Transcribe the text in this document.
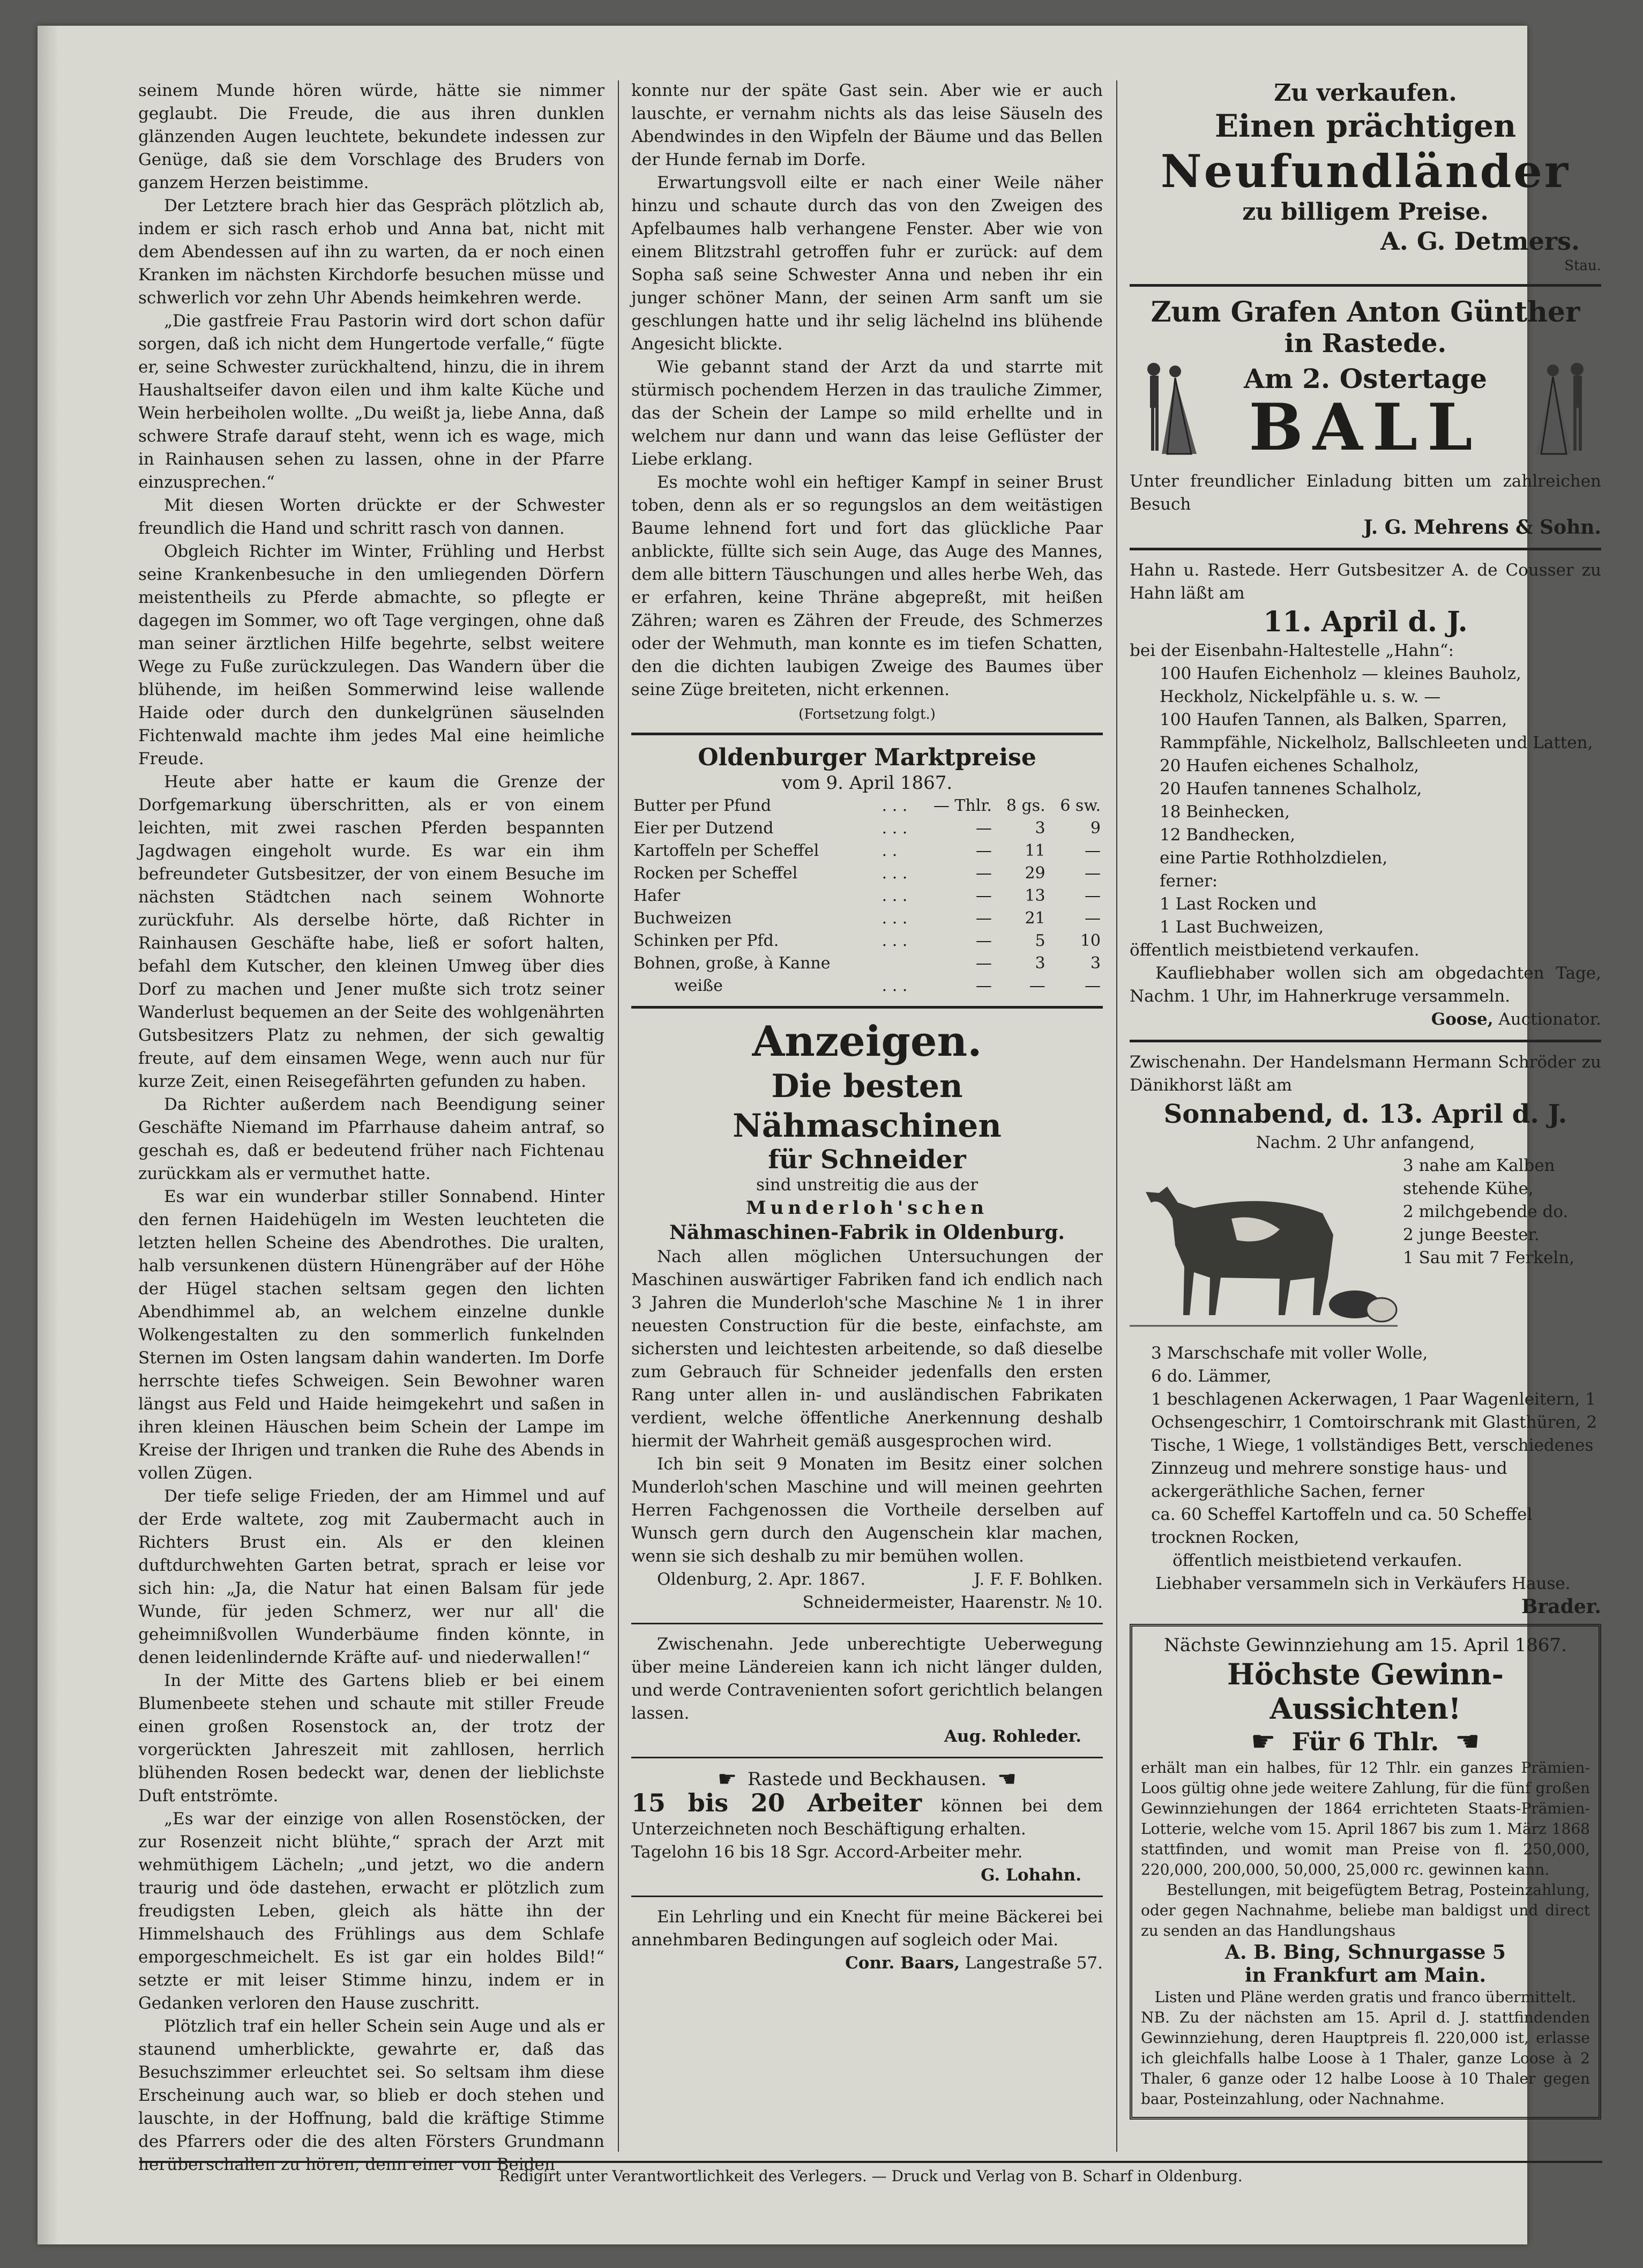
seinem Munde hören würde, hätte sie nimmer geglaubt. Die Freude, die aus ihren dunklen glänzenden Augen leuchtete, bekundete indessen zur Genüge, daß sie dem Vorschlage des Bruders von ganzem Herzen beistimme.

Der Letztere brach hier das Gespräch plötzlich ab, indem er sich rasch erhob und Anna bat, nicht mit dem Abendessen auf ihn zu warten, da er noch einen Kranken im nächsten Kirchdorfe besuchen müsse und schwerlich vor zehn Uhr Abends heimkehren werde.

„Die gastfreie Frau Pastorin wird dort schon dafür sorgen, daß ich nicht dem Hungertode verfalle,“ fügte er, seine Schwester zurückhaltend, hinzu, die in ihrem Haushaltseifer davon eilen und ihm kalte Küche und Wein herbeiholen wollte. „Du weißt ja, liebe Anna, daß schwere Strafe darauf steht, wenn ich es wage, mich in Rainhausen sehen zu lassen, ohne in der Pfarre einzusprechen.“

Mit diesen Worten drückte er der Schwester freundlich die Hand und schritt rasch von dannen.

Obgleich Richter im Winter, Frühling und Herbst seine Krankenbesuche in den umliegenden Dörfern meistentheils zu Pferde abmachte, so pflegte er dagegen im Sommer, wo oft Tage vergingen, ohne daß man seiner ärztlichen Hilfe begehrte, selbst weitere Wege zu Fuße zurückzulegen. Das Wandern über die blühende, im heißen Sommerwind leise wallende Haide oder durch den dunkelgrünen säuselnden Fichtenwald machte ihm jedes Mal eine heimliche Freude.

Heute aber hatte er kaum die Grenze der Dorfgemarkung überschritten, als er von einem leichten, mit zwei raschen Pferden bespannten Jagdwagen eingeholt wurde. Es war ein ihm befreundeter Gutsbesitzer, der von einem Besuche im nächsten Städtchen nach seinem Wohnorte zurückfuhr. Als derselbe hörte, daß Richter in Rainhausen Geschäfte habe, ließ er sofort halten, befahl dem Kutscher, den kleinen Umweg über dies Dorf zu machen und Jener mußte sich trotz seiner Wanderlust bequemen an der Seite des wohlgenährten Gutsbesitzers Platz zu nehmen, der sich gewaltig freute, auf dem einsamen Wege, wenn auch nur für kurze Zeit, einen Reisegefährten gefunden zu haben.

Da Richter außerdem nach Beendigung seiner Geschäfte Niemand im Pfarrhause daheim antraf, so geschah es, daß er bedeutend früher nach Fichtenau zurückkam als er vermuthet hatte.

Es war ein wunderbar stiller Sonnabend. Hinter den fernen Haidehügeln im Westen leuchteten die letzten hellen Scheine des Abendrothes. Die uralten, halb versunkenen düstern Hünengräber auf der Höhe der Hügel stachen seltsam gegen den lichten Abendhimmel ab, an welchem einzelne dunkle Wolkengestalten zu den sommerlich funkelnden Sternen im Osten langsam dahin wanderten. Im Dorfe herrschte tiefes Schweigen. Sein Bewohner waren längst aus Feld und Haide heimgekehrt und saßen in ihren kleinen Häuschen beim Schein der Lampe im Kreise der Ihrigen und tranken die Ruhe des Abends in vollen Zügen.

Der tiefe selige Frieden, der am Himmel und auf der Erde waltete, zog mit Zaubermacht auch in Richters Brust ein. Als er den kleinen duftdurchwehten Garten betrat, sprach er leise vor sich hin: „Ja, die Natur hat einen Balsam für jede Wunde, für jeden Schmerz, wer nur all' die geheimnißvollen Wunderbäume finden könnte, in denen leidenlindernde Kräfte auf- und niederwallen!“

In der Mitte des Gartens blieb er bei einem Blumenbeete stehen und schaute mit stiller Freude einen großen Rosenstock an, der trotz der vorgerückten Jahreszeit mit zahllosen, herrlich blühenden Rosen bedeckt war, denen der lieblichste Duft entströmte.

„Es war der einzige von allen Rosenstöcken, der zur Rosenzeit nicht blühte,“ sprach der Arzt mit wehmüthigem Lächeln; „und jetzt, wo die andern traurig und öde dastehen, erwacht er plötzlich zum freudigsten Leben, gleich als hätte ihn der Himmelshauch des Frühlings aus dem Schlafe emporgeschmeichelt. Es ist gar ein holdes Bild!“ setzte er mit leiser Stimme hinzu, indem er in Gedanken verloren den Hause zuschritt.

Plötzlich traf ein heller Schein sein Auge und als er staunend umherblickte, gewahrte er, daß das Besuchszimmer erleuchtet sei. So seltsam ihm diese Erscheinung auch war, so blieb er doch stehen und lauschte, in der Hoffnung, bald die kräftige Stimme des Pfarrers oder die des alten Försters Grundmann herüberschallen zu hören, denn einer von Beiden

konnte nur der späte Gast sein. Aber wie er auch lauschte, er vernahm nichts als das leise Säuseln des Abendwindes in den Wipfeln der Bäume und das Bellen der Hunde fernab im Dorfe.

Erwartungsvoll eilte er nach einer Weile näher hinzu und schaute durch das von den Zweigen des Apfelbaumes halb verhangene Fenster. Aber wie von einem Blitzstrahl getroffen fuhr er zurück: auf dem Sopha saß seine Schwester Anna und neben ihr ein junger schöner Mann, der seinen Arm sanft um sie geschlungen hatte und ihr selig lächelnd ins blühende Angesicht blickte.

Wie gebannt stand der Arzt da und starrte mit stürmisch pochendem Herzen in das trauliche Zimmer, das der Schein der Lampe so mild erhellte und in welchem nur dann und wann das leise Geflüster der Liebe erklang.

Es mochte wohl ein heftiger Kampf in seiner Brust toben, denn als er so regungslos an dem weitästigen Baume lehnend fort und fort das glückliche Paar anblickte, füllte sich sein Auge, das Auge des Mannes, dem alle bittern Täuschungen und alles herbe Weh, das er erfahren, keine Thräne abgepreßt, mit heißen Zähren; waren es Zähren der Freude, des Schmerzes oder der Wehmuth, man konnte es im tiefen Schatten, den die dichten laubigen Zweige des Baumes über seine Züge breiteten, nicht erkennen.

(Fortsetzung folgt.)

Oldenburger Marktpreise

vom 9. April 1867.

Butter per Pfund	. . .	— Thlr.	8 gs.	6 sw.
Eier per Dutzend	. . .	—	3	9
Kartoffeln per Scheffel	. .	—	11	—
Rocken per Scheffel	. . .	—	29	—
Hafer	. . .	—	13	—
Buchweizen	. . .	—	21	—
Schinken per Pfd.	. . .	—	5	10
Bohnen, große, à Kanne		—	3	3
weiße	. . .	—	—	—
Anzeigen.
Die besten Nähmaschinen
für Schneider

sind unstreitig die aus der

Munderloh'schen

Nähmaschinen-Fabrik in Oldenburg.

Nach allen möglichen Untersuchungen der Maschinen auswärtiger Fabriken fand ich endlich nach 3 Jahren die Munderloh'sche Maschine № 1 in ihrer neuesten Construction für die beste, einfachste, am sichersten und leichtesten arbeitende, so daß dieselbe zum Gebrauch für Schneider jedenfalls den ersten Rang unter allen in- und ausländischen Fabrikaten verdient, welche öffentliche Anerkennung deshalb hiermit der Wahrheit gemäß ausgesprochen wird.

Ich bin seit 9 Monaten im Besitz einer solchen Munderloh'schen Maschine und will meinen geehrten Herren Fachgenossen die Vortheile derselben auf Wunsch gern durch den Augenschein klar machen, wenn sie sich deshalb zu mir bemühen wollen.

Oldenburg, 2. Apr. 1867.	J. F. F. Bohlken.

Schneidermeister, Haarenstr. № 10.

Zwischenahn. Jede unberechtigte Ueberwegung über meine Ländereien kann ich nicht länger dulden, und werde Contravenienten sofort gerichtlich belangen lassen.

Aug. Rohleder.

☛ Rastede und Beckhausen. ☛

15 bis 20 Arbeiter können bei dem Unterzeichneten noch Beschäftigung erhalten.

Tagelohn 16 bis 18 Sgr. Accord-Arbeiter mehr.

G. Lohahn.

Ein Lehrling und ein Knecht für meine Bäckerei bei annehmbaren Bedingungen auf sogleich oder Mai.

Conr. Baars, Langestraße 57.

Zu verkaufen.
Einen prächtigen
Neufundländer
zu billigem Preise.

A. G. Detmers.

Stau.

Zum Grafen Anton Günther
in Rastede.
Am 2. Ostertage
BALL

Unter freundlicher Einladung bitten um zahlreichen Besuch

J. G. Mehrens & Sohn.

Hahn u. Rastede. Herr Gutsbesitzer A. de Cousser zu Hahn läßt am

11. April d. J.

bei der Eisenbahn-Haltestelle „Hahn“:

100 Haufen Eichenholz — kleines Bauholz, Heckholz, Nickelpfähle u. s. w. —

100 Haufen Tannen, als Balken, Sparren, Rammpfähle, Nickelholz, Ballschleeten und Latten,

20 Haufen eichenes Schalholz,

20 Haufen tannenes Schalholz,

18 Beinhecken,

12 Bandhecken,

eine Partie Rothholzdielen,

ferner:

1 Last Rocken und

1 Last Buchweizen,

öffentlich meistbietend verkaufen.

Kaufliebhaber wollen sich am obgedachten Tage, Nachm. 1 Uhr, im Hahnerkruge versammeln.

Goose, Auctionator.

Zwischenahn. Der Handelsmann Hermann Schröder zu Dänikhorst läßt am

Sonnabend, d. 13. April d. J.

Nachm. 2 Uhr anfangend,

3 nahe am Kalben stehende Kühe,

2 milchgebende do.

2 junge Beester.

1 Sau mit 7 Ferkeln,

3 Marschschafe mit voller Wolle,

6 do. Lämmer,

1 beschlagenen Ackerwagen, 1 Paar Wagenleitern, 1 Ochsengeschirr, 1 Comtoirschrank mit Glasthüren, 2 Tische, 1 Wiege, 1 vollständiges Bett, verschiedenes Zinnzeug und mehrere sonstige haus- und ackergeräthliche Sachen, ferner

ca. 60 Scheffel Kartoffeln und ca. 50 Scheffel trocknen Rocken,

öffentlich meistbietend verkaufen.

Liebhaber versammeln sich in Verkäufers Hause.

Brader.

Nächste Gewinnziehung am 15. April 1867.

Höchste Gewinn-Aussichten!
☛ Für 6 Thlr. ☛

erhält man ein halbes, für 12 Thlr. ein ganzes Prämien-Loos gültig ohne jede weitere Zahlung, für die fünf großen Gewinnziehungen der 1864 errichteten Staats-Prämien-Lotterie, welche vom 15. April 1867 bis zum 1. März 1868 stattfinden, und womit man Preise von fl. 250,000, 220,000, 200,000, 50,000, 25,000 rc. gewinnen kann.

Bestellungen, mit beigefügtem Betrag, Posteinzahlung, oder gegen Nachnahme, beliebe man baldigst und direct zu senden an das Handlungshaus

A. B. Bing, Schnurgasse 5

in Frankfurt am Main.

Listen und Pläne werden gratis und franco übermittelt.

NB. Zu der nächsten am 15. April d. J. stattfindenden Gewinnziehung, deren Hauptpreis fl. 220,000 ist, erlasse ich gleichfalls halbe Loose à 1 Thaler, ganze Loose à 2 Thaler, 6 ganze oder 12 halbe Loose à 10 Thaler gegen baar, Posteinzahlung, oder Nachnahme.

Redigirt unter Verantwortlichkeit des Verlegers. — Druck und Verlag von B. Scharf in Oldenburg.
